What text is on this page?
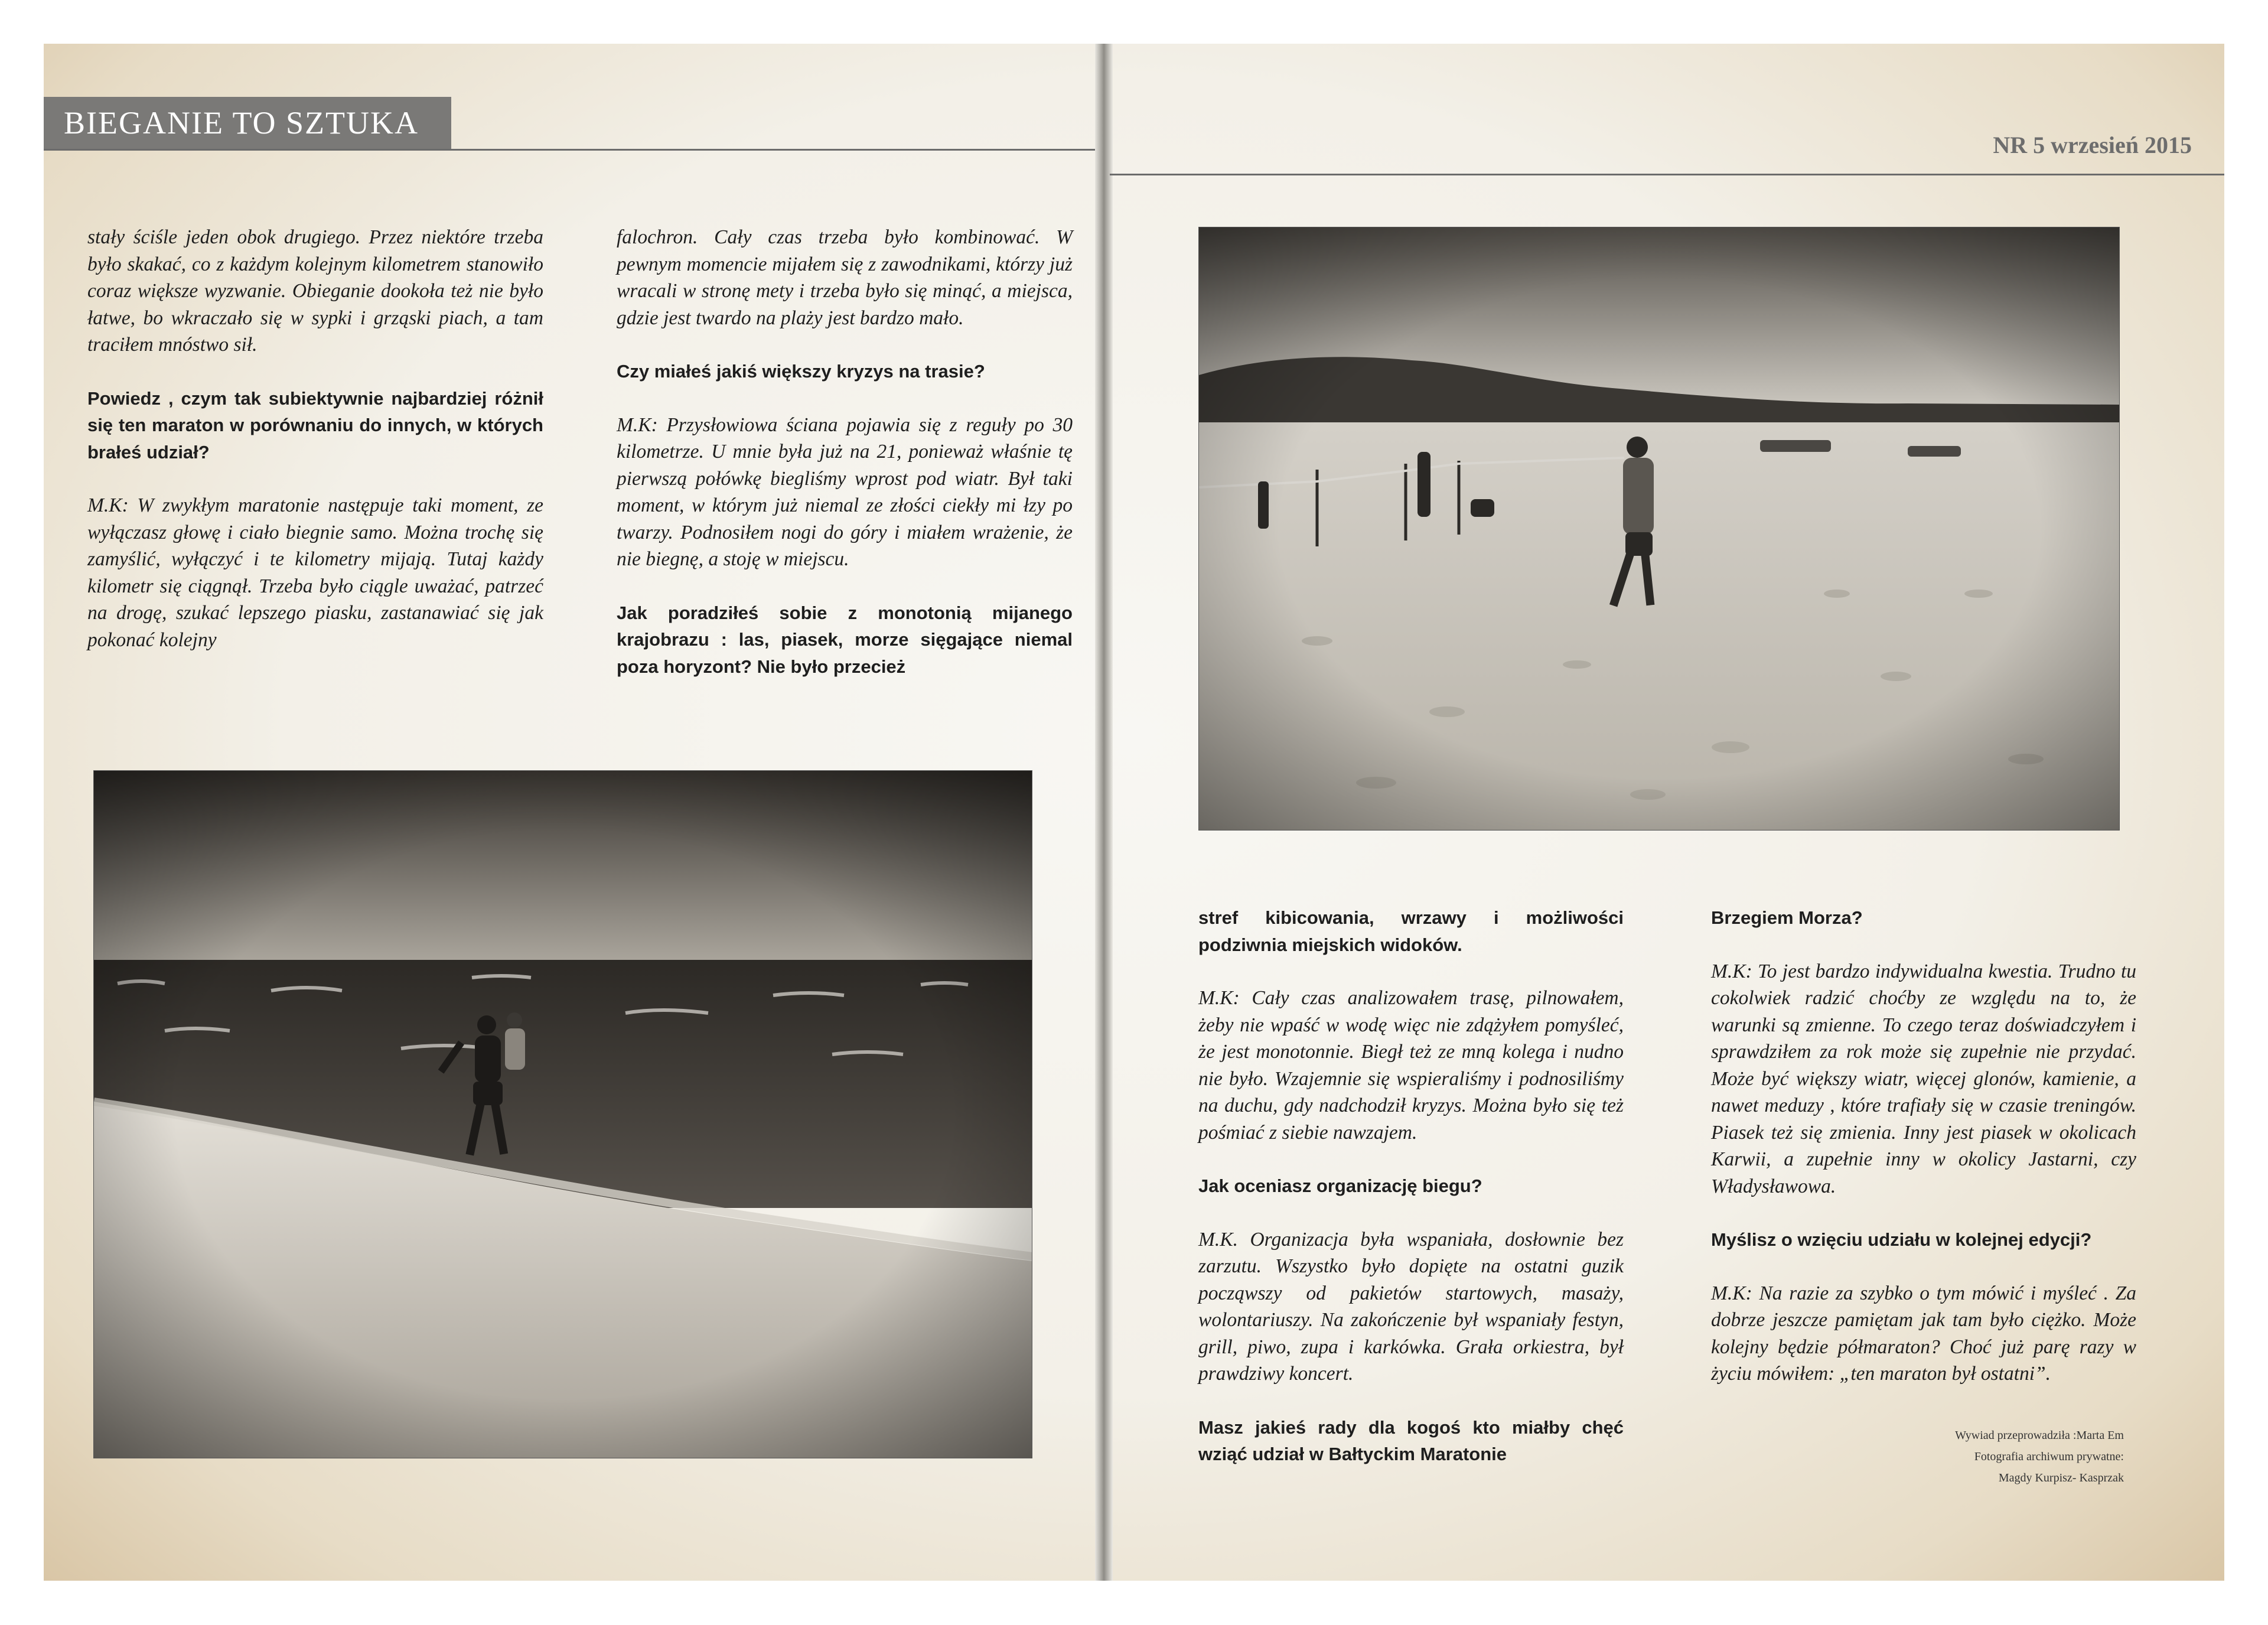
BIEGANIE TO SZTUKA

stały ściśle jeden obok drugiego. Przez niektóre trzeba było skakać, co z każdym kolejnym kilometrem stanowiło coraz większe wyzwanie. Obieganie dookoła też nie było łatwe, bo wkraczało się w sypki i grząski piach, a tam traciłem mnóstwo sił.

Powiedz , czym tak subiektywnie najbardziej różnił się ten maraton w porównaniu do innych, w których brałeś udział?

M.K: W zwykłym maratonie następuje taki moment, ze wyłączasz głowę i ciało biegnie samo. Można trochę się zamyślić, wyłączyć i te kilometry mijają. Tutaj każdy kilometr się ciągnął. Trzeba było ciągle uważać, patrzeć na drogę, szukać lepszego piasku, zastanawiać się jak pokonać kolejny

falochron. Cały czas trzeba było kombinować. W pewnym momencie mijałem się z zawodnikami, którzy już wracali w stronę mety i trzeba było się minąć, a miejsca, gdzie jest twardo na plaży jest bardzo mało.

Czy miałeś jakiś większy kryzys na trasie?

M.K: Przysłowiowa ściana pojawia się z reguły po 30 kilometrze. U mnie była już na 21, ponieważ właśnie tę pierwszą połówkę biegliśmy wprost pod wiatr. Był taki moment, w którym już niemal ze złości ciekły mi łzy po twarzy. Podnosiłem nogi do góry i miałem wrażenie, że nie biegnę, a stoję w miejscu.

Jak poradziłeś sobie z monotonią mijanego krajobrazu : las, piasek, morze sięgające niemal poza horyzont? Nie było przecież

NR 5 wrzesień 2015

stref kibicowania, wrzawy i możliwości podziwnia miejskich widoków.

M.K: Cały czas analizowałem trasę, pilnowałem, żeby nie wpaść w wodę więc nie zdążyłem pomyśleć, że jest monotonnie. Biegł też ze mną kolega i nudno nie było. Wzajemnie się wspieraliśmy i podnosiliśmy na duchu, gdy nadchodził kryzys. Można było się też pośmiać z siebie nawzajem.

Jak oceniasz organizację biegu?

M.K. Organizacja była wspaniała, dosłownie bez zarzutu. Wszystko było dopięte na ostatni guzik począwszy od pakietów startowych, masaży, wolontariuszy. Na zakończenie był wspaniały festyn, grill, piwo, zupa i karkówka. Grała orkiestra, był prawdziwy koncert.

Masz jakieś rady dla kogoś kto miałby chęć wziąć udział w Bałtyckim Maratonie

Brzegiem Morza?

M.K: To jest bardzo indywidualna kwestia. Trudno tu cokolwiek radzić choćby ze względu na to, że warunki są zmienne. To czego teraz doświadczyłem i sprawdziłem za rok może się zupełnie nie przydać. Może być większy wiatr, więcej glonów, kamienie, a nawet meduzy , które trafiały się w czasie treningów. Piasek też się zmienia. Inny jest piasek w okolicach Karwii, a zupełnie inny w okolicy Jastarni, czy Władysławowa.

Myślisz o wzięciu udziału w kolejnej edycji?

M.K: Na razie za szybko o tym mówić i myśleć . Za dobrze jeszcze pamiętam jak tam było ciężko. Może kolejny będzie półmaraton? Choć już parę razy w życiu mówiłem: „ten maraton był ostatni”.

Wywiad przeprowadziła :Marta Em
Fotografia archiwum prywatne:
Magdy Kurpisz- Kasprzak
